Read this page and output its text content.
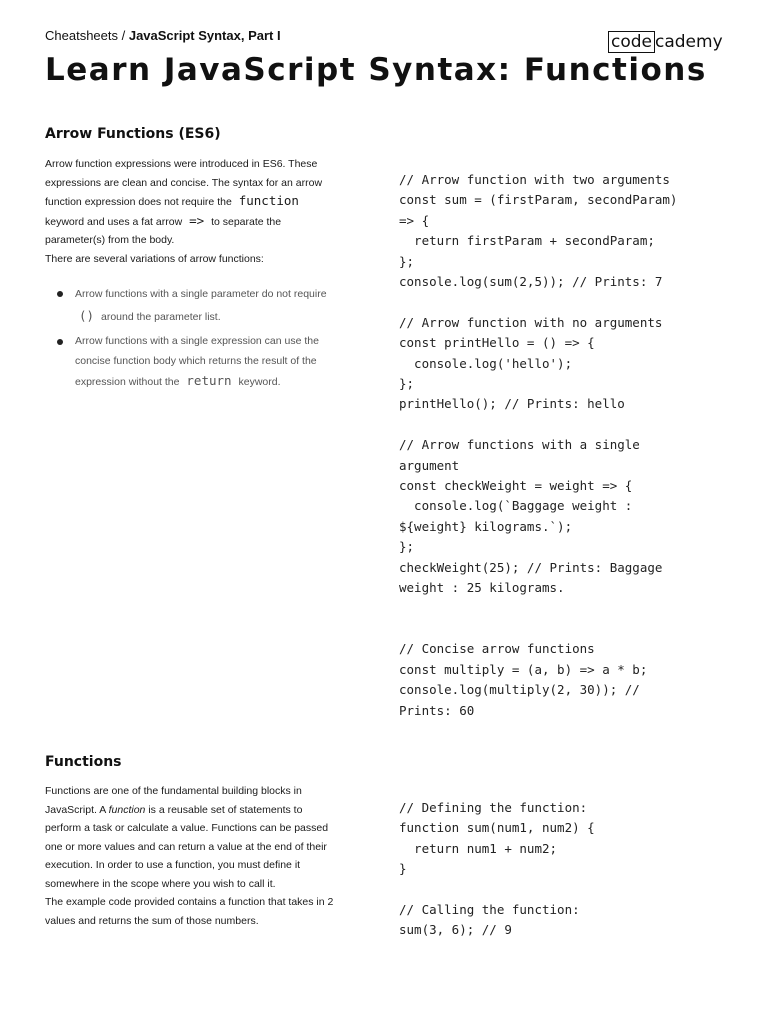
Cheatsheets / JavaScript Syntax, Part I	code cademy
Learn JavaScript Syntax: Functions
Arrow Functions (ES6)

Arrow function expressions were introduced in ES6. These expressions are clean and concise. The syntax for an arrow function expression does not require the function keyword and uses a fat arrow => to separate the parameter(s) from the body.

There are several variations of arrow functions:

Arrow functions with a single parameter do not require () around the parameter list.
Arrow functions with a single expression can use the concise function body which returns the result of the expression without the return keyword.
// Arrow function with two arguments
const sum = (firstParam, secondParam)
=> {
return firstParam + secondParam;
};
console.log(sum(2,5)); // Prints: 7
// Arrow function with no arguments
const printHello = () => {
console.log('hello');
};
printHello(); // Prints: hello
// Arrow functions with a single
argument
const checkWeight = weight => {
console.log(`Baggage weight :
${weight} kilograms.`);
};
checkWeight(25); // Prints: Baggage
weight : 25 kilograms.
// Concise arrow functions
const multiply = (a, b) => a * b;
console.log(multiply(2, 30)); //
Prints: 60
Functions

Functions are one of the fundamental building blocks in JavaScript. A function is a reusable set of statements to perform a task or calculate a value. Functions can be passed one or more values and can return a value at the end of their execution. In order to use a function, you must define it somewhere in the scope where you wish to call it.

The example code provided contains a function that takes in 2 values and returns the sum of those numbers.

// Defining the function:
function sum(num1, num2) {
return num1 + num2;
}
// Calling the function:
sum(3, 6); // 9
